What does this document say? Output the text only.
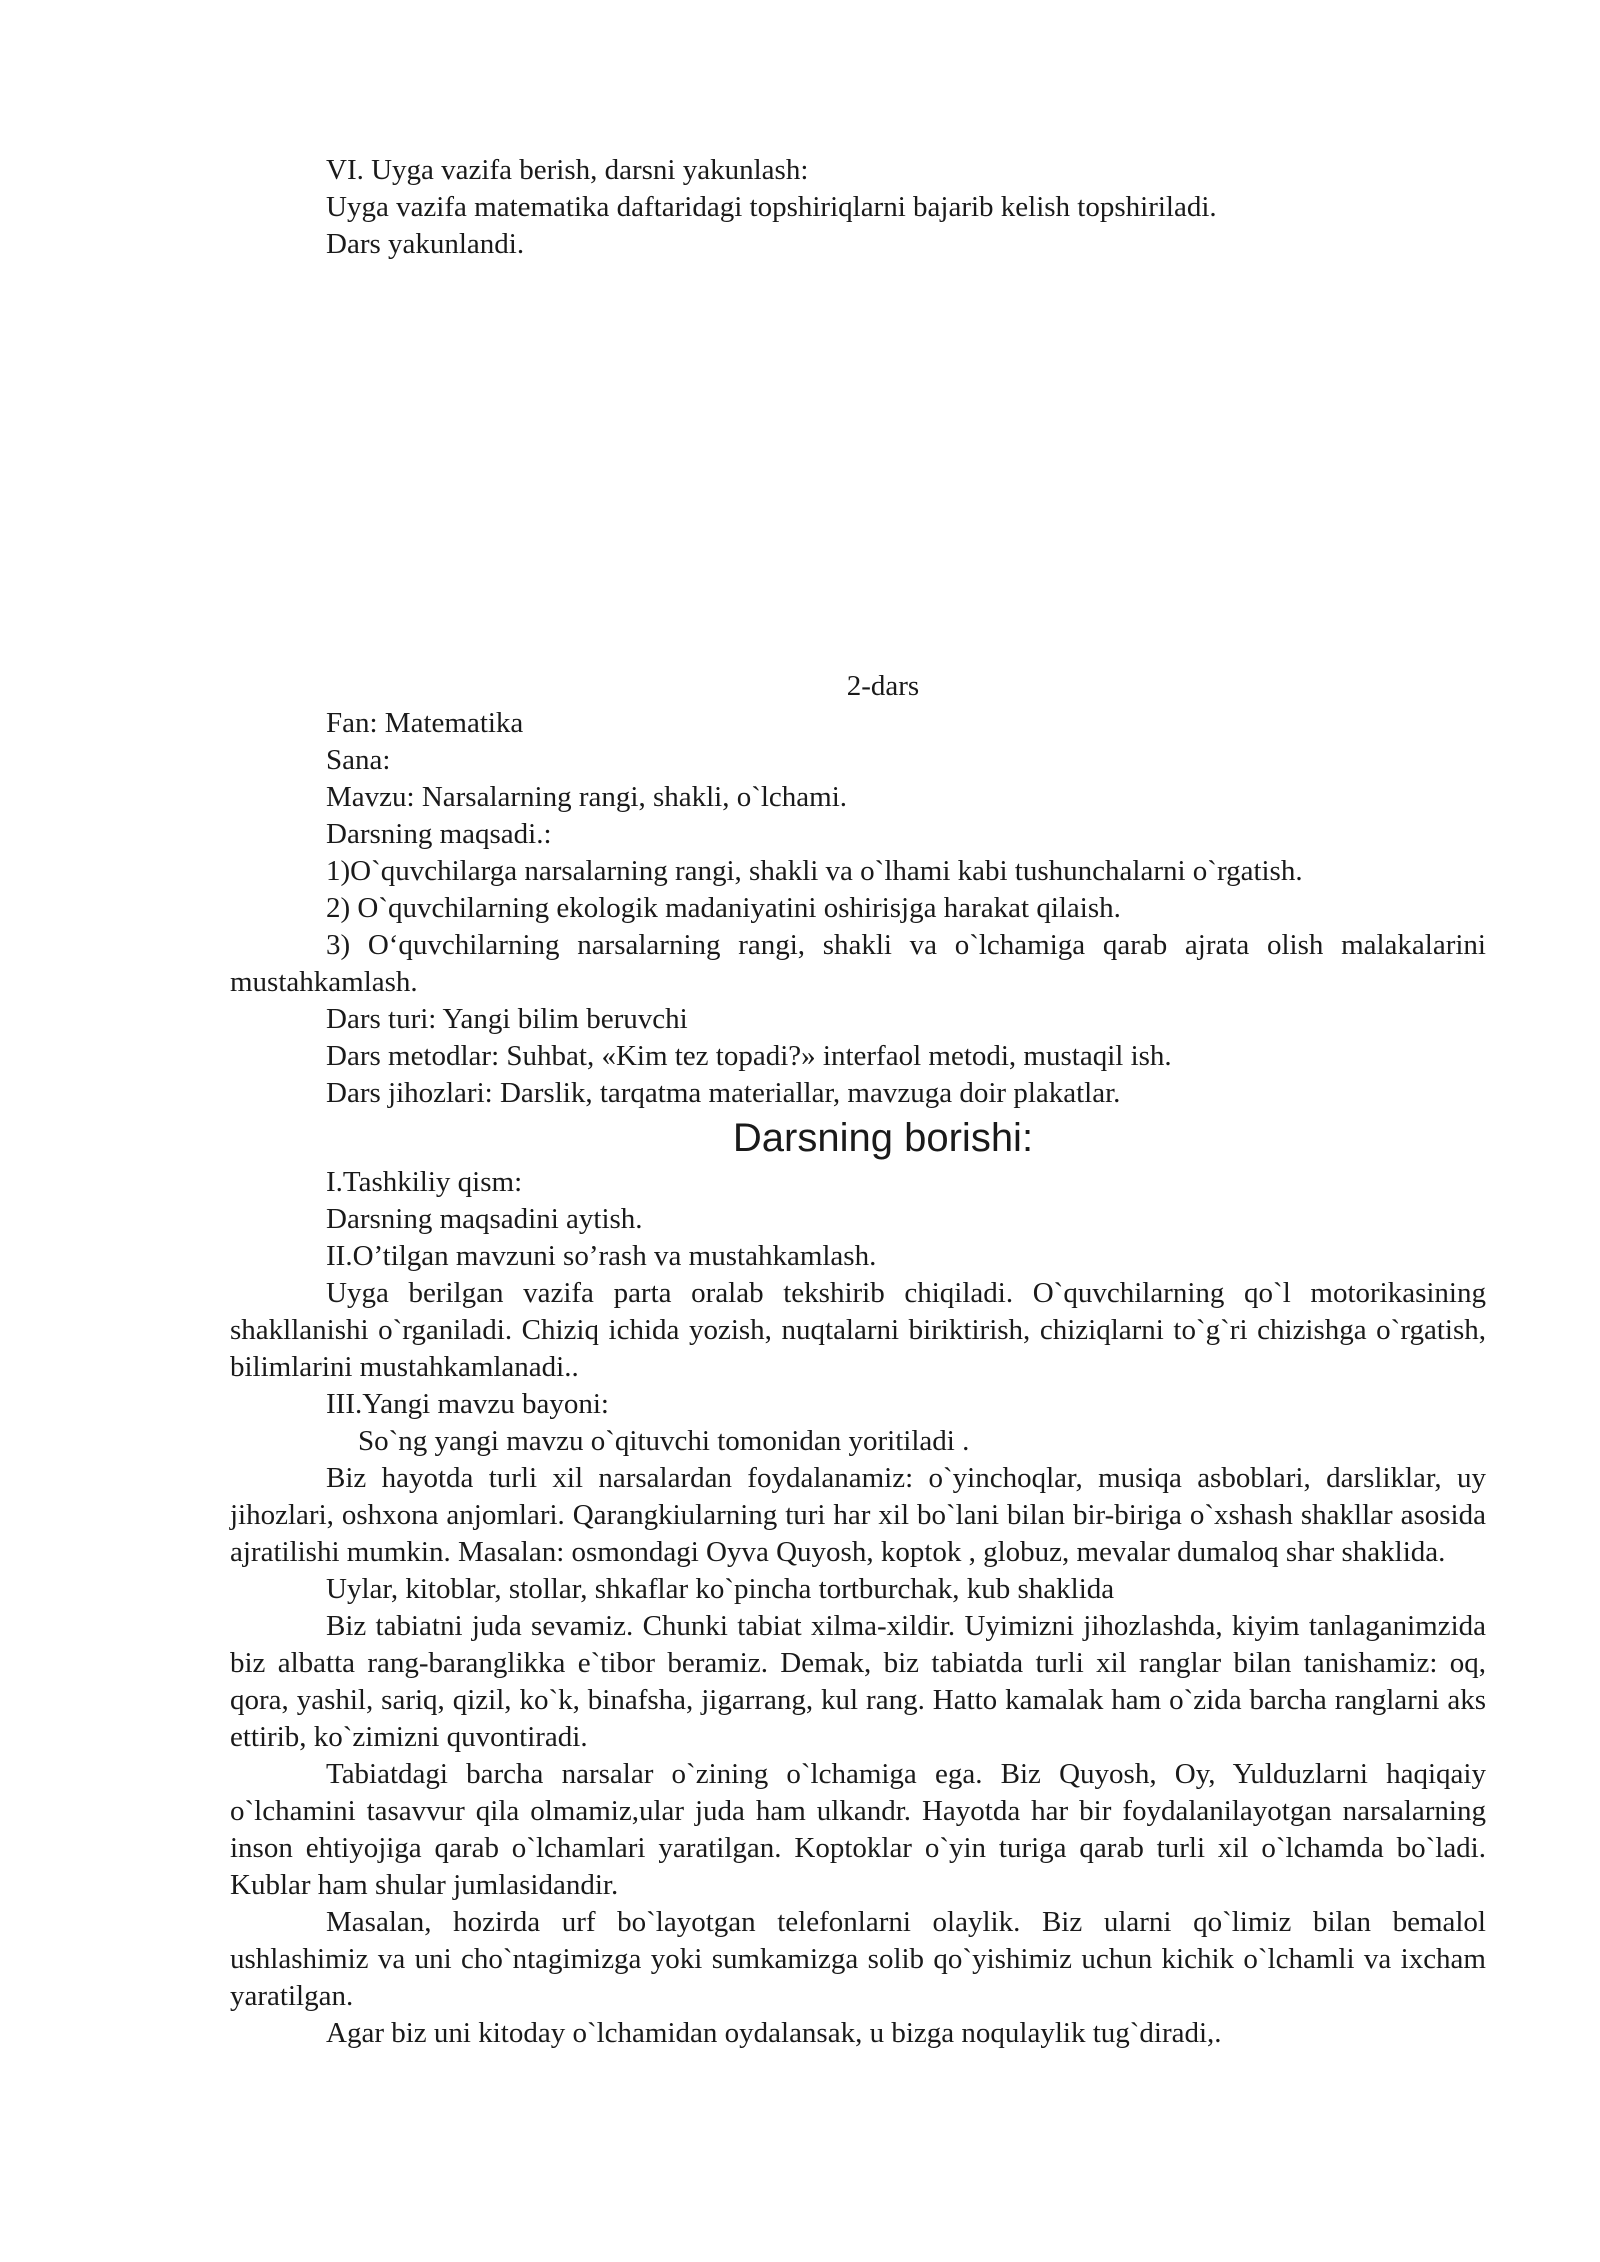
VI. Uyga vazifa berish, darsni yakunlash:
Uyga vazifa matematika daftaridagi topshiriqlarni bajarib kelish topshiriladi.
Dars yakunlandi.
2-dars
Fan: Matematika
Sana:
Mavzu: Narsalarning rangi, shakli, o`lchami.
Darsning maqsadi.:
1)O`quvchilarga narsalarning rangi, shakli va o`lhami kabi tushunchalarni o`rgatish.
2) O`quvchilarning ekologik madaniyatini oshirisjga harakat qilaish.
3) O‘quvchilarning narsalarning rangi, shakli va o`lchamiga qarab ajrata olish malakalarini mustahkamlash.
Dars turi: Yangi bilim beruvchi
Dars metodlar: Suhbat, «Kim tez topadi?» interfaol metodi, mustaqil ish.
Dars jihozlari: Darslik, tarqatma materiallar, mavzuga doir plakatlar.
Darsning borishi:
I.Tashkiliy qism:
Darsning maqsadini aytish.
II.O’tilgan mavzuni so’rash va mustahkamlash.
Uyga berilgan vazifa parta oralab tekshirib chiqiladi. O`quvchilarning qo`l motorikasining shakllanishi o`rganiladi. Chiziq ichida yozish, nuqtalarni biriktirish, chiziqlarni to`g`ri chizishga o`rgatish, bilimlarini mustahkamlanadi..
III.Yangi mavzu bayoni:
So`ng yangi mavzu o`qituvchi tomonidan yoritiladi .
Biz hayotda turli xil narsalardan foydalanamiz: o`yinchoqlar, musiqa asboblari, darsliklar, uy jihozlari, oshxona anjomlari. Qarangkiularning turi har xil bo`lani bilan bir-biriga o`xshash shakllar asosida ajratilishi mumkin. Masalan: osmondagi Oyva Quyosh, koptok , globuz, mevalar dumaloq shar shaklida.
Uylar, kitoblar, stollar, shkaflar ko`pincha tortburchak, kub shaklida
Biz tabiatni juda sevamiz. Chunki tabiat xilma-xildir. Uyimizni jihozlashda, kiyim tanlaganimzida biz albatta rang-baranglikka e`tibor beramiz. Demak, biz tabiatda turli xil ranglar bilan tanishamiz: oq, qora, yashil, sariq, qizil, ko`k, binafsha, jigarrang, kul rang. Hatto kamalak ham o`zida barcha ranglarni aks ettirib, ko`zimizni quvontiradi.
Tabiatdagi barcha narsalar o`zining o`lchamiga ega. Biz Quyosh, Oy, Yulduzlarni haqiqaiy o`lchamini tasavvur qila olmamiz,ular juda ham ulkandr. Hayotda har bir foydalanilayotgan narsalarning inson ehtiyojiga qarab o`lchamlari yaratilgan. Koptoklar o`yin turiga qarab turli xil o`lchamda bo`ladi. Kublar ham shular jumlasidandir.
Masalan, hozirda urf bo`layotgan telefonlarni olaylik. Biz ularni qo`limiz bilan bemalol ushlashimiz va uni cho`ntagimizga yoki sumkamizga solib qo`yishimiz uchun kichik o`lchamli va ixcham yaratilgan.
Agar biz uni kitoday o`lchamidan oydalansak, u bizga noqulaylik tug`diradi,.
